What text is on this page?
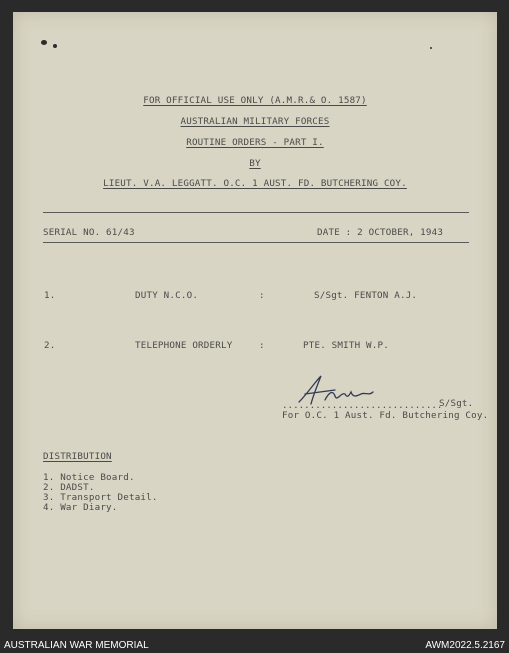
FOR OFFICIAL USE ONLY (A.M.R.& O. 1587)
AUSTRALIAN MILITARY FORCES
ROUTINE ORDERS - PART I.
BY
LIEUT. V.A. LEGGATT. O.C. 1 AUST. FD. BUTCHERING COY.
SERIAL NO. 61/43	DATE : 2 OCTOBER, 1943
1.	DUTY N.C.O.	:	S/Sgt. FENTON A.J.
2.	TELEPHONE ORDERLY	:	PTE. SMITH W.P.
.............................
S/Sgt.
For O.C. 1 Aust. Fd. Butchering Coy.
DISTRIBUTION
1. Notice Board.
2. DADST.
3. Transport Detail.
4. War Diary.
AUSTRALIAN WAR MEMORIAL	AWM2022.5.2167
